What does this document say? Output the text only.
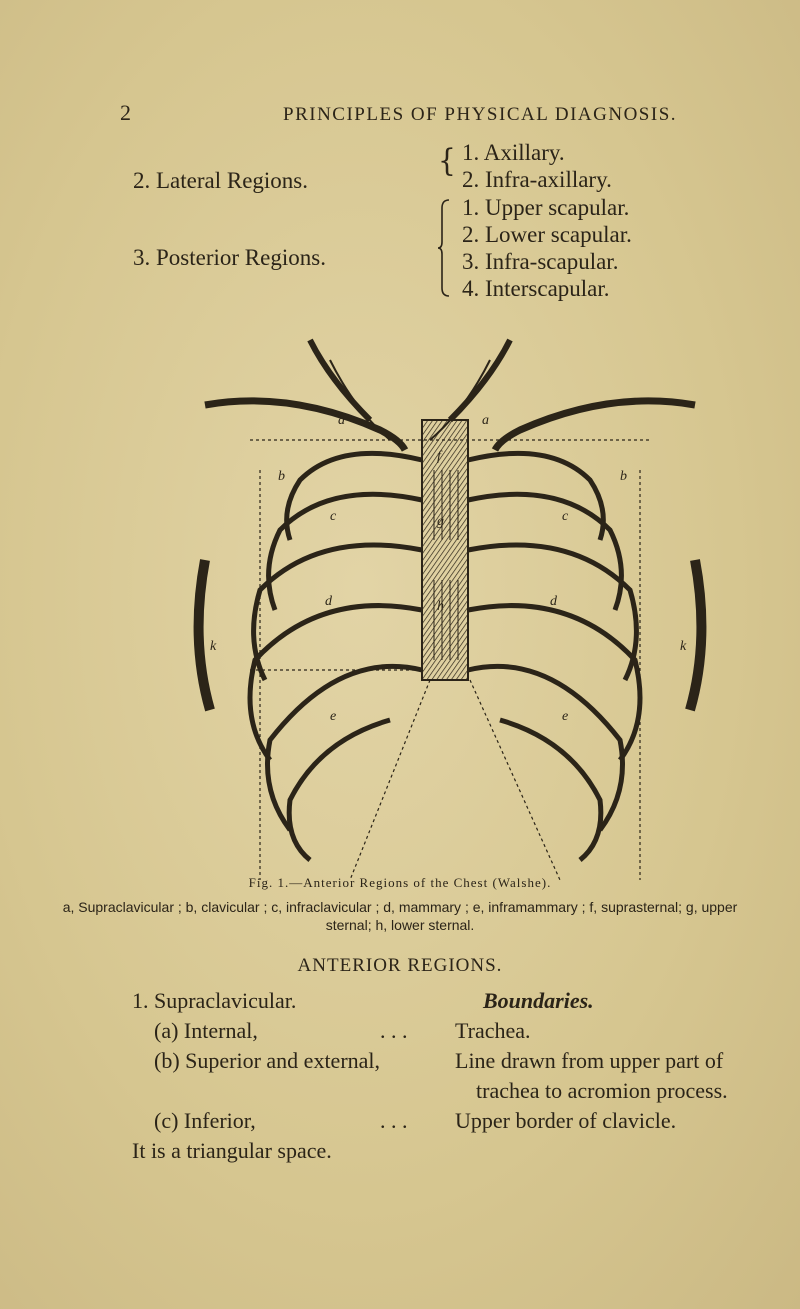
2	PRINCIPLES OF PHYSICAL DIAGNOSIS.
2. Lateral Regions.
{ 1. Axillary.
2. Infra-axillary.
3. Posterior Regions.
1. Upper scapular.
2. Lower scapular.
3. Infra-scapular.
4. Interscapular.
a	a
b	b
c	c
d	d
e	e
f
g
h
k	k
Fig. 1.—Anterior Regions of the Chest (Walshe).
a, Supraclavicular ; b, clavicular ; c, infraclavicular ; d, mammary ; e, inframammary ; f, suprasternal; g, upper sternal; h, lower sternal.
ANTERIOR REGIONS.
1. Supraclavicular.	Boundaries.
(a) Internal,	. . . Trachea.
(b) Superior and external,	Line drawn from upper part of
trachea to acromion process.
(c) Inferior,	. . . Upper border of clavicle.
It is a triangular space.
